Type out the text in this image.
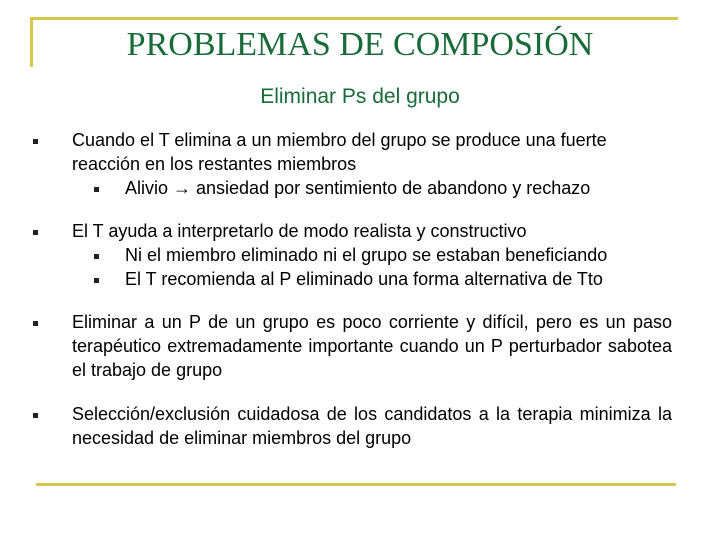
PROBLEMAS DE COMPOSIÓN
Eliminar Ps del grupo
Cuando el T elimina a un miembro del grupo se produce una fuerte reacción en los restantes miembros
Alivio → ansiedad por sentimiento de abandono y rechazo
El T ayuda a interpretarlo de modo realista y constructivo
Ni el miembro eliminado ni el grupo se estaban beneficiando
El T recomienda al P eliminado una forma alternativa de Tto
Eliminar a un P de un grupo es poco corriente y difícil, pero es un paso terapéutico extremadamente importante cuando un P perturbador sabotea el trabajo de grupo
Selección/exclusión cuidadosa de los candidatos a la terapia minimiza la necesidad de eliminar miembros del grupo
